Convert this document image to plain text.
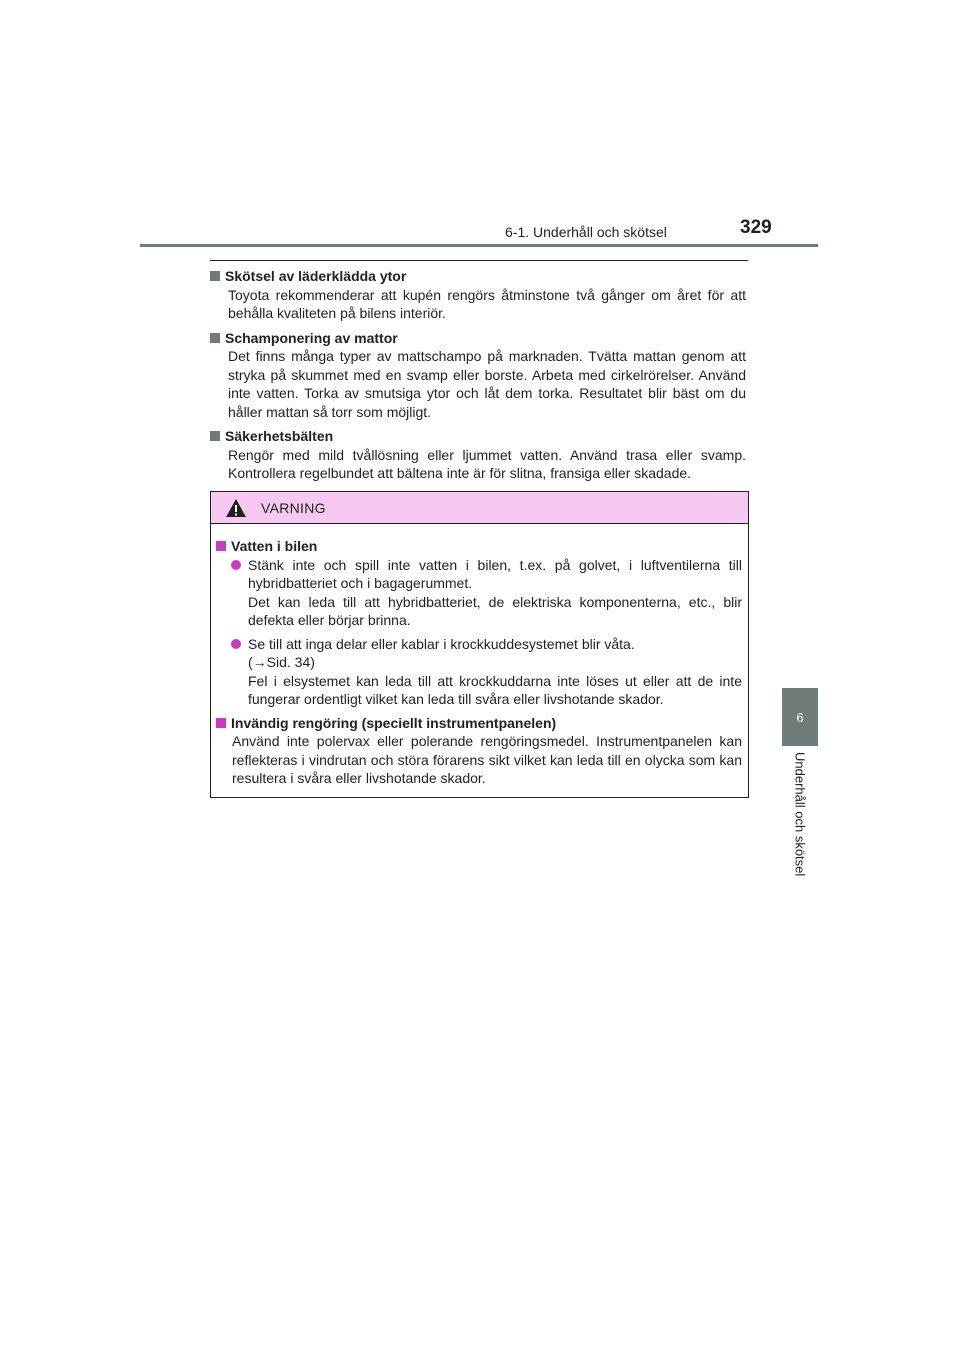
6-1. Underhåll och skötsel	329
6
Underhåll och skötsel
Skötsel av läderklädda ytor
Toyota rekommenderar att kupén rengörs åtminstone två gånger om året för att behålla kvaliteten på bilens interiör.
Schamponering av mattor
Det finns många typer av mattschampo på marknaden. Tvätta mattan genom att stryka på skummet med en svamp eller borste. Arbeta med cirkelrörelser. Använd inte vatten. Torka av smutsiga ytor och låt dem torka. Resultatet blir bäst om du håller mattan så torr som möjligt.
Säkerhetsbälten
Rengör med mild tvållösning eller ljummet vatten. Använd trasa eller svamp. Kontrollera regelbundet att bältena inte är för slitna, fransiga eller skadade.
VARNING
Vatten i bilen
Stänk inte och spill inte vatten i bilen, t.ex. på golvet, i luftventilerna till hybridbatteriet och i bagagerummet.
Det kan leda till att hybridbatteriet, de elektriska komponenterna, etc., blir defekta eller börjar brinna.
Se till att inga delar eller kablar i krockkuddesystemet blir våta.
(→Sid. 34)
Fel i elsystemet kan leda till att krockkuddarna inte löses ut eller att de inte fungerar ordentligt vilket kan leda till svåra eller livshotande skador.
Invändig rengöring (speciellt instrumentpanelen)
Använd inte polervax eller polerande rengöringsmedel. Instrumentpanelen kan reflekteras i vindrutan och störa förarens sikt vilket kan leda till en olycka som kan resultera i svåra eller livshotande skador.
